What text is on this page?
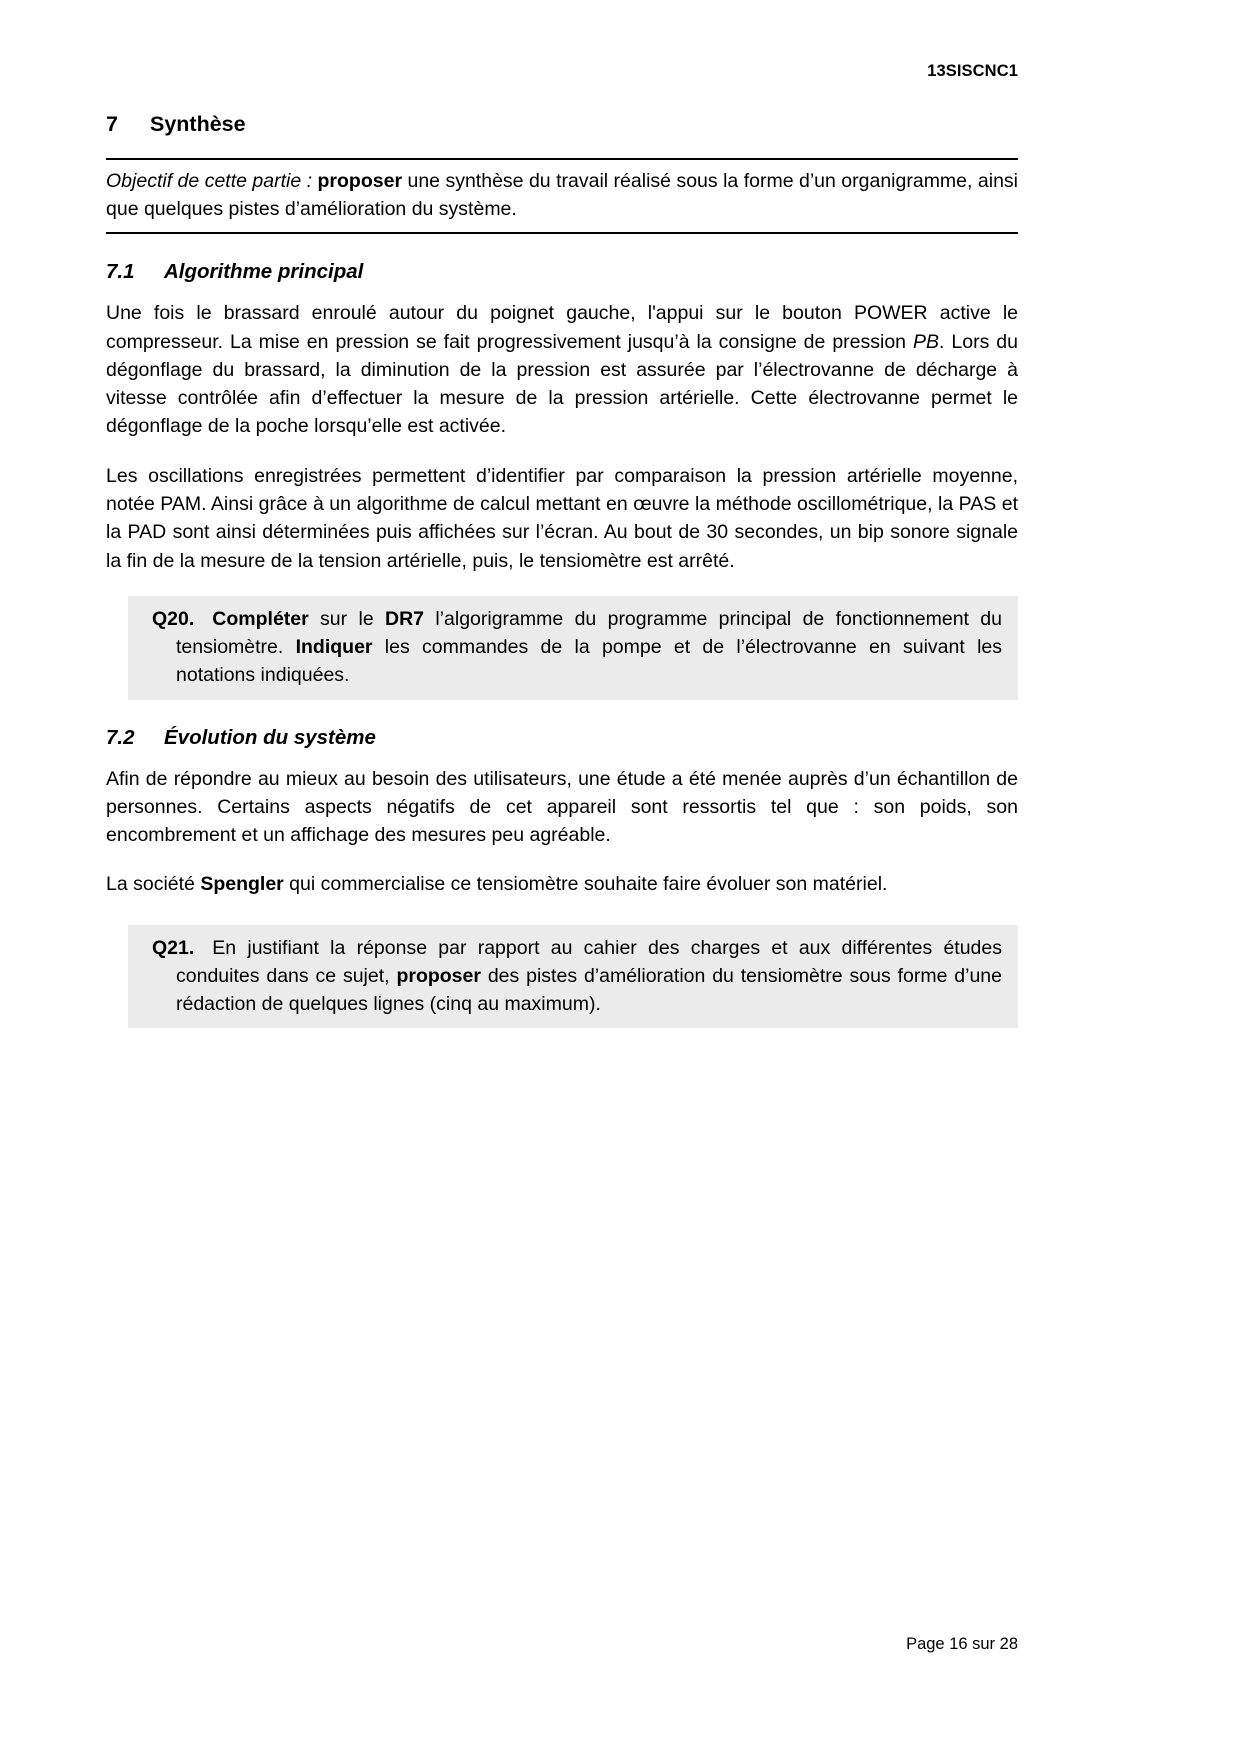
13SISCNC1
7	Synthèse
Objectif de cette partie : proposer une synthèse du travail réalisé sous la forme d’un organigramme, ainsi que quelques pistes d’amélioration du système.
7.1	Algorithme principal

Une fois le brassard enroulé autour du poignet gauche, l'appui sur le bouton POWER active le compresseur. La mise en pression se fait progressivement jusqu’à la consigne de pression PB. Lors du dégonflage du brassard, la diminution de la pression est assurée par l’électrovanne de décharge à vitesse contrôlée afin d’effectuer la mesure de la pression artérielle. Cette électrovanne permet le dégonflage de la poche lorsqu’elle est activée.

Les oscillations enregistrées permettent d’identifier par comparaison la pression artérielle moyenne, notée PAM. Ainsi grâce à un algorithme de calcul mettant en œuvre la méthode oscillométrique, la PAS et la PAD sont ainsi déterminées puis affichées sur l’écran. Au bout de 30 secondes, un bip sonore signale la fin de la mesure de la tension artérielle, puis, le tensiomètre est arrêté.

Q20. Compléter sur le DR7 l’algorigramme du programme principal de fonctionnement du tensiomètre. Indiquer les commandes de la pompe et de l’électrovanne en suivant les notations indiquées.
7.2	Évolution du système

Afin de répondre au mieux au besoin des utilisateurs, une étude a été menée auprès d’un échantillon de personnes. Certains aspects négatifs de cet appareil sont ressortis tel que : son poids, son encombrement et un affichage des mesures peu agréable.

La société Spengler qui commercialise ce tensiomètre souhaite faire évoluer son matériel.

Q21. En justifiant la réponse par rapport au cahier des charges et aux différentes études conduites dans ce sujet, proposer des pistes d’amélioration du tensiomètre sous forme d’une rédaction de quelques lignes (cinq au maximum).
Page 16 sur 28
